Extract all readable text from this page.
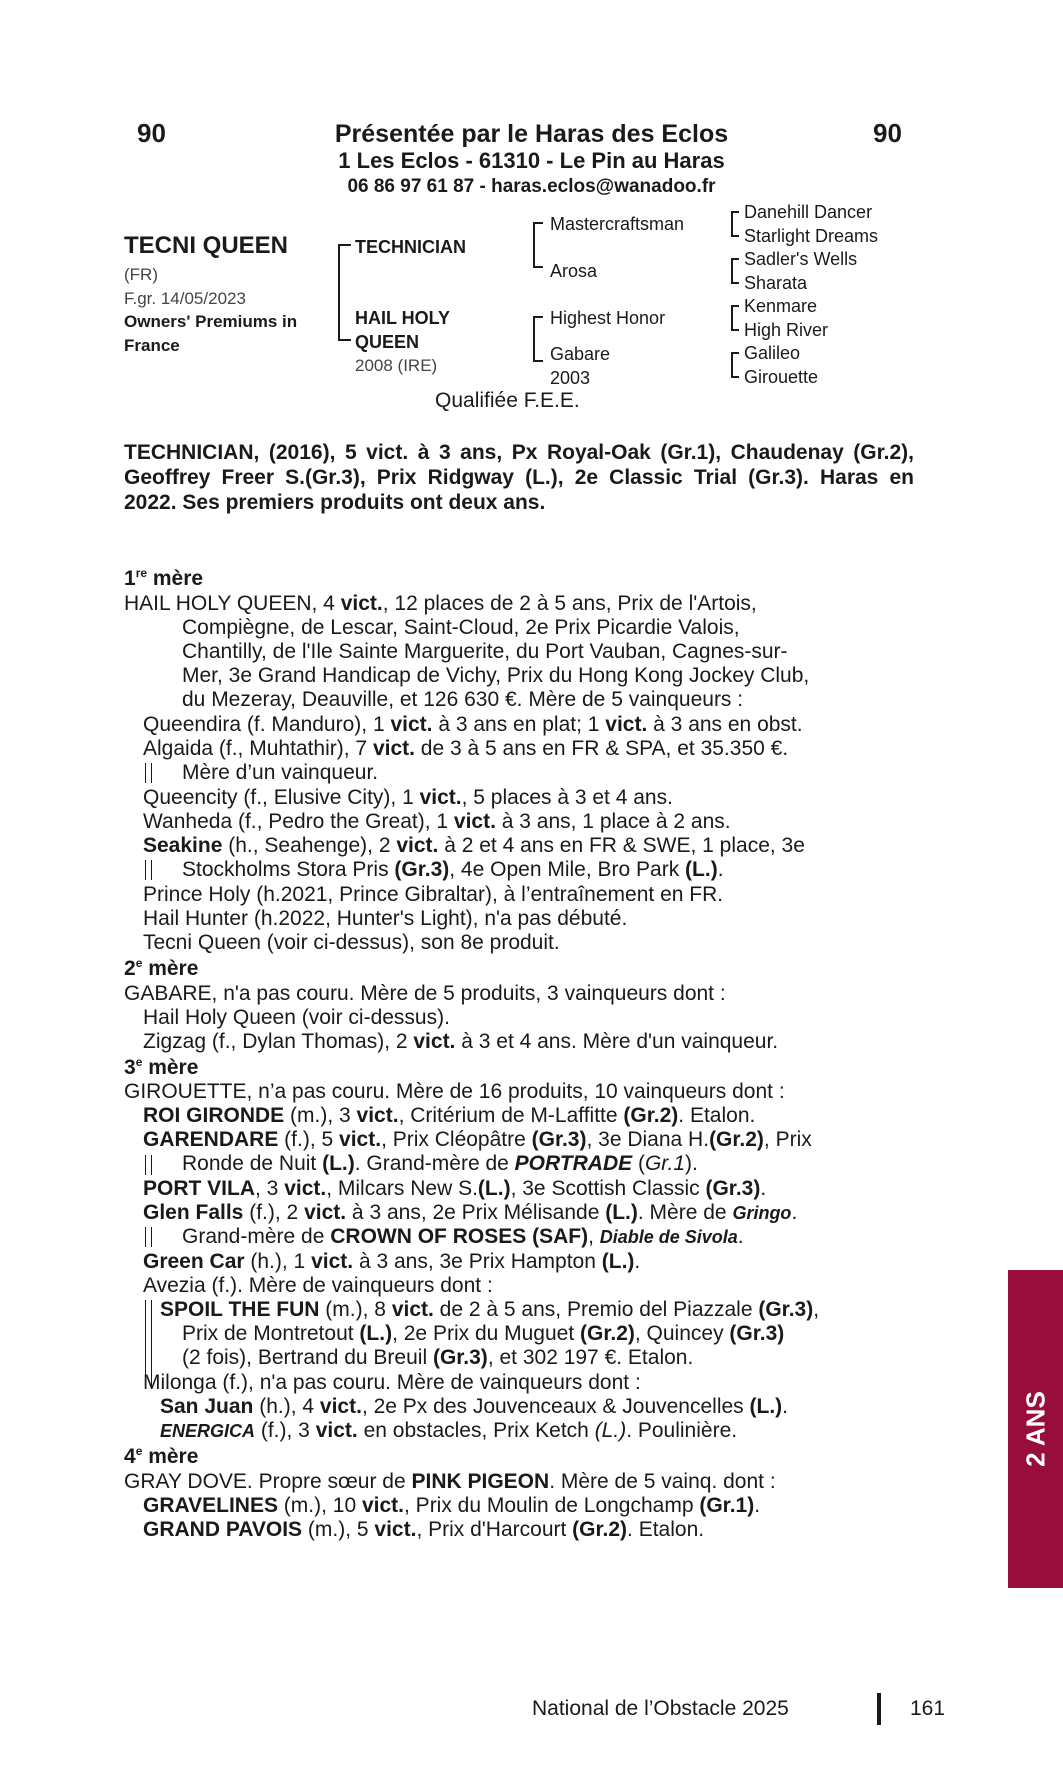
90	90
Présentée par le Haras des Eclos
1 Les Eclos - 61310 - Le Pin au Haras
06 86 97 61 87 - haras.eclos@wanadoo.fr
TECNI QUEEN
(FR)
F.gr. 14/05/2023
Owners' Premiums in
France
TECHNICIAN
HAIL HOLY
QUEEN
2008 (IRE)
Mastercraftsman
Arosa
Highest Honor
Gabare
2003
Danehill Dancer
Starlight Dreams
Sadler's Wells
Sharata
Kenmare
High River
Galileo
Girouette
Qualifiée F.E.E.
TECHNICIAN, (2016), 5 vict. à 3 ans, Px Royal-Oak (Gr.1), Chaudenay (Gr.2), Geoffrey Freer S.(Gr.3), Prix Ridgway (L.), 2e Classic Trial (Gr.3). Haras en 2022. Ses premiers produits ont deux ans.
1re mère
HAIL HOLY QUEEN, 4 vict., 12 places de 2 à 5 ans, Prix de l'Artois,
Compiègne, de Lescar, Saint-Cloud, 2e Prix Picardie Valois,
Chantilly, de l'Ile Sainte Marguerite, du Port Vauban, Cagnes-sur-
Mer, 3e Grand Handicap de Vichy, Prix du Hong Kong Jockey Club,
du Mezeray, Deauville, et 126 630 €. Mère de 5 vainqueurs :
Queendira (f. Manduro), 1 vict. à 3 ans en plat; 1 vict. à 3 ans en obst.
Algaida (f., Muhtathir), 7 vict. de 3 à 5 ans en FR & SPA, et 35.350 €.
Mère d’un vainqueur.
Queencity (f., Elusive City), 1 vict., 5 places à 3 et 4 ans.
Wanheda (f., Pedro the Great), 1 vict. à 3 ans, 1 place à 2 ans.
Seakine (h., Seahenge), 2 vict. à 2 et 4 ans en FR & SWE, 1 place, 3e
Stockholms Stora Pris (Gr.3), 4e Open Mile, Bro Park (L.).
Prince Holy (h.2021, Prince Gibraltar), à l’entraînement en FR.
Hail Hunter (h.2022, Hunter's Light), n'a pas débuté.
Tecni Queen (voir ci-dessus), son 8e produit.
2e mère
GABARE, n'a pas couru. Mère de 5 produits, 3 vainqueurs dont :
Hail Holy Queen (voir ci-dessus).
Zigzag (f., Dylan Thomas), 2 vict. à 3 et 4 ans. Mère d'un vainqueur.
3e mère
GIROUETTE, n’a pas couru. Mère de 16 produits, 10 vainqueurs dont :
ROI GIRONDE (m.), 3 vict., Critérium de M-Laffitte (Gr.2). Etalon.
GARENDARE (f.), 5 vict., Prix Cléopâtre (Gr.3), 3e Diana H.(Gr.2), Prix
Ronde de Nuit (L.). Grand-mère de PORTRADE (Gr.1).
PORT VILA, 3 vict., Milcars New S.(L.), 3e Scottish Classic (Gr.3).
Glen Falls (f.), 2 vict. à 3 ans, 2e Prix Mélisande (L.). Mère de Gringo.
Grand-mère de CROWN OF ROSES (SAF), Diable de Sivola.
Green Car (h.), 1 vict. à 3 ans, 3e Prix Hampton (L.).
Avezia (f.). Mère de vainqueurs dont :
SPOIL THE FUN (m.), 8 vict. de 2 à 5 ans, Premio del Piazzale (Gr.3),
Prix de Montretout (L.), 2e Prix du Muguet (Gr.2), Quincey (Gr.3)
(2 fois), Bertrand du Breuil (Gr.3), et 302 197 €. Etalon.
Milonga (f.), n'a pas couru. Mère de vainqueurs dont :
San Juan (h.), 4 vict., 2e Px des Jouvenceaux & Jouvencelles (L.).
ENERGICA (f.), 3 vict. en obstacles, Prix Ketch (L.). Poulinière.
4e mère
GRAY DOVE. Propre sœur de PINK PIGEON. Mère de 5 vainq. dont :
GRAVELINES (m.), 10 vict., Prix du Moulin de Longchamp (Gr.1).
GRAND PAVOIS (m.), 5 vict., Prix d'Harcourt (Gr.2). Etalon.
2 ANS
National de l’Obstacle 2025	161
